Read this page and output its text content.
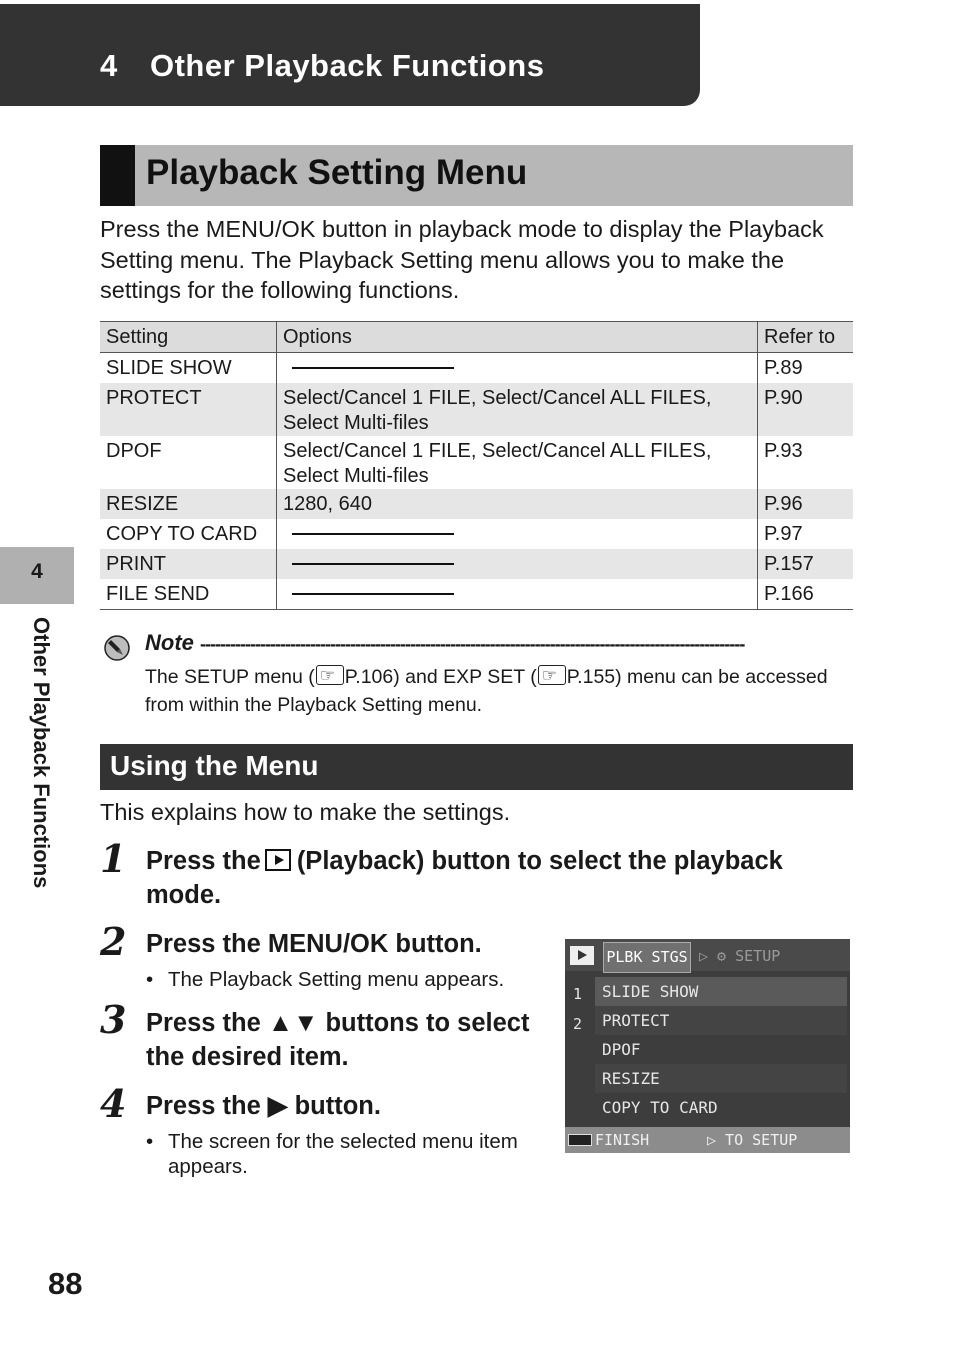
4 Other Playback Functions
Playback Setting Menu
Press the MENU/OK button in playback mode to display the Playback Setting menu. The Playback Setting menu allows you to make the settings for the following functions.
Setting	Options	Refer to
SLIDE SHOW		P.89
PROTECT	Select/Cancel 1 FILE, Select/Cancel ALL FILES, Select Multi-files	P.90
DPOF	Select/Cancel 1 FILE, Select/Cancel ALL FILES, Select Multi-files	P.93
RESIZE	1280, 640	P.96
COPY TO CARD		P.97
PRINT		P.157
FILE SEND		P.166
Note -------------------------------------------------------------------------------------------------------------
The SETUP menu ( ☞ P.106) and EXP SET ( ☞ P.155) menu can be accessed from within the Playback Setting menu.
Using the Menu
This explains how to make the settings.
1 Press the (Playback) button to select the playback mode.
2 Press the MENU/OK button.
• The Playback Setting menu appears.
3 Press the ▲▼ buttons to select the desired item.
4 Press the ▶ button.
• The screen for the selected menu item appears.
PLBK STGS ▷ ⚙ SETUP
1
2
SLIDE SHOW
PROTECT
DPOF
RESIZE
COPY TO CARD
FINISH	▷ TO SETUP
4
Other Playback Functions
88
